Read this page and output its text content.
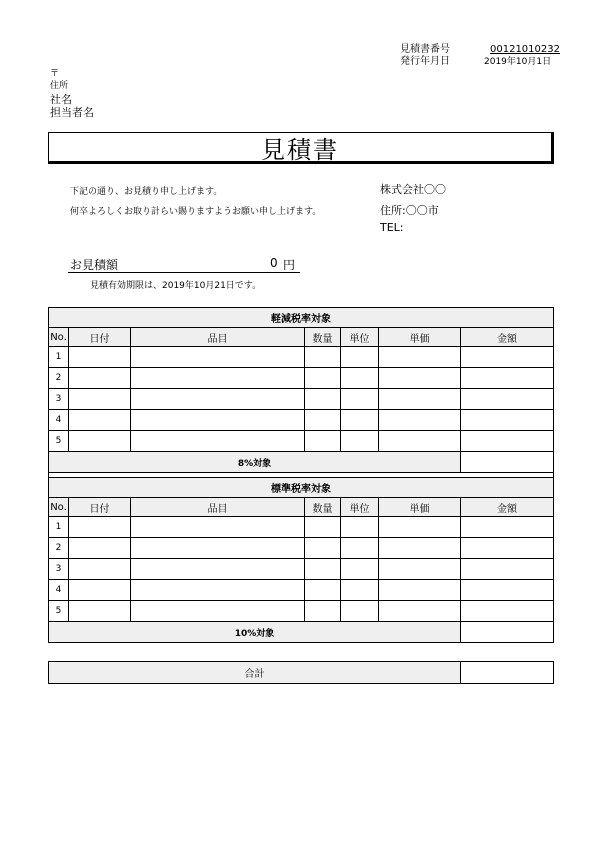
見積書番号	00121010232
発行年月日	2019年10月1日
〒
住所
社名
担当者名
見積書
下記の通り、お見積り申し上げます。
何卒よろしくお取り計らい賜りますようお願い申し上げます。
株式会社〇〇
住所:〇〇市
TEL:
お見積額	0 円
見積有効期限は、2019年10月21日です。
軽減税率対象						
No.	日付	品目	数量	単位	単価	金額
1						
2						
3						
4						
5						
8%対象						

標準税率対象						
No.	日付	品目	数量	単位	単価	金額
1						
2						
3						
4						
5						
10%対象						
合計	
